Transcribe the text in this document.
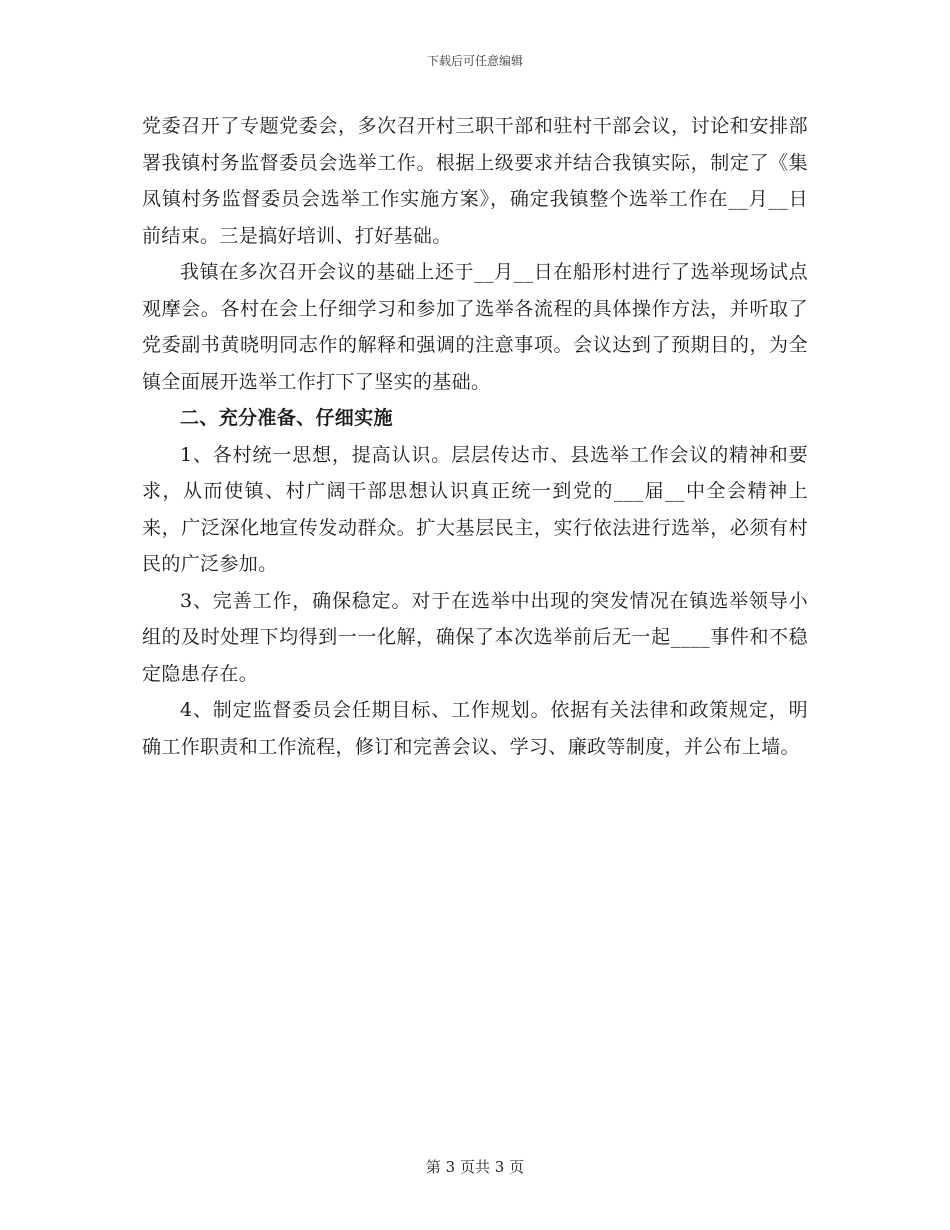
下载后可任意编辑

党委召开了专题党委会，多次召开村三职干部和驻村干部会议，讨论和安排部署我镇村务监督委员会选举工作。根据上级要求并结合我镇实际，制定了《集凤镇村务监督委员会选举工作实施方案》，确定我镇整个选举工作在__月__日前结束。三是搞好培训、打好基础。

我镇在多次召开会议的基础上还于__月__日在船形村进行了选举现场试点观摩会。各村在会上仔细学习和参加了选举各流程的具体操作方法，并听取了党委副书黄晓明同志作的解释和强调的注意事项。会议达到了预期目的，为全镇全面展开选举工作打下了坚实的基础。

二、充分准备、仔细实施

1、各村统一思想，提高认识。层层传达市、县选举工作会议的精神和要求，从而使镇、村广阔干部思想认识真正统一到党的___届__中全会精神上来，广泛深化地宣传发动群众。扩大基层民主，实行依法进行选举，必须有村民的广泛参加。

3、完善工作，确保稳定。对于在选举中出现的突发情况在镇选举领导小组的及时处理下均得到一一化解，确保了本次选举前后无一起____事件和不稳定隐患存在。

4、制定监督委员会任期目标、工作规划。依据有关法律和政策规定，明确工作职责和工作流程，修订和完善会议、学习、廉政等制度，并公布上墙。

第 3 页共 3 页
